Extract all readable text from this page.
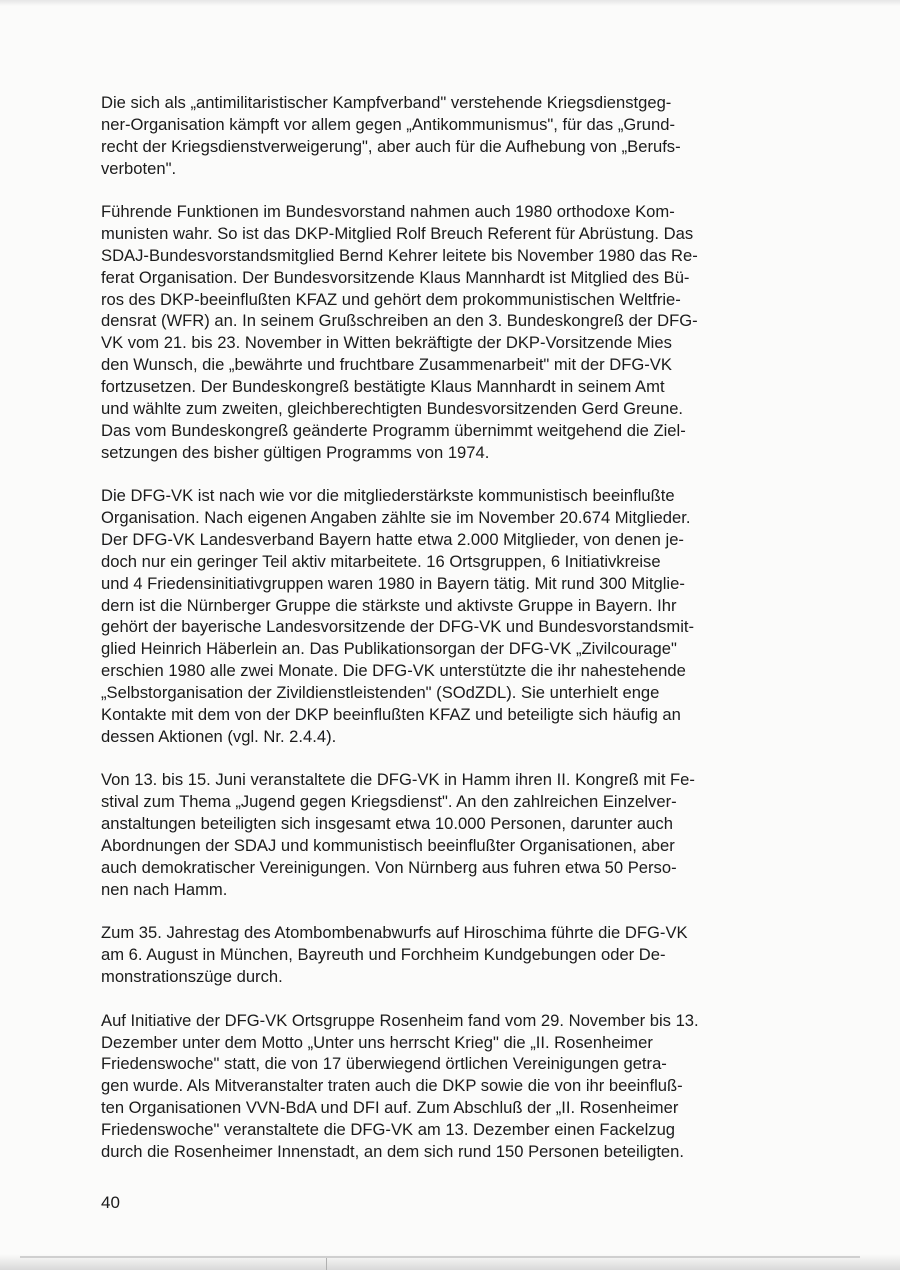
Die sich als „antimilitaristischer Kampfverband" verstehende Kriegsdienstgeg-
ner-Organisation kämpft vor allem gegen „Antikommunismus", für das „Grund-
recht der Kriegsdienstverweigerung", aber auch für die Aufhebung von „Berufs-
verboten".

Führende Funktionen im Bundesvorstand nahmen auch 1980 orthodoxe Kom-
munisten wahr. So ist das DKP-Mitglied Rolf Breuch Referent für Abrüstung. Das
SDAJ-Bundesvorstandsmitglied Bernd Kehrer leitete bis November 1980 das Re-
ferat Organisation. Der Bundesvorsitzende Klaus Mannhardt ist Mitglied des Bü-
ros des DKP-beeinflußten KFAZ und gehört dem prokommunistischen Weltfrie-
densrat (WFR) an. In seinem Grußschreiben an den 3. Bundeskongreß der DFG-
VK vom 21. bis 23. November in Witten bekräftigte der DKP-Vorsitzende Mies
den Wunsch, die „bewährte und fruchtbare Zusammenarbeit" mit der DFG-VK
fortzusetzen. Der Bundeskongreß bestätigte Klaus Mannhardt in seinem Amt
und wählte zum zweiten, gleichberechtigten Bundesvorsitzenden Gerd Greune.
Das vom Bundeskongreß geänderte Programm übernimmt weitgehend die Ziel-
setzungen des bisher gültigen Programms von 1974.

Die DFG-VK ist nach wie vor die mitgliederstärkste kommunistisch beeinflußte
Organisation. Nach eigenen Angaben zählte sie im November 20.674 Mitglieder.
Der DFG-VK Landesverband Bayern hatte etwa 2.000 Mitglieder, von denen je-
doch nur ein geringer Teil aktiv mitarbeitete. 16 Ortsgruppen, 6 Initiativkreise
und 4 Friedensinitiativgruppen waren 1980 in Bayern tätig. Mit rund 300 Mitglie-
dern ist die Nürnberger Gruppe die stärkste und aktivste Gruppe in Bayern. Ihr
gehört der bayerische Landesvorsitzende der DFG-VK und Bundesvorstandsmit-
glied Heinrich Häberlein an. Das Publikationsorgan der DFG-VK „Zivilcourage"
erschien 1980 alle zwei Monate. Die DFG-VK unterstützte die ihr nahestehende
„Selbstorganisation der Zivildienstleistenden" (SOdZDL). Sie unterhielt enge
Kontakte mit dem von der DKP beeinflußten KFAZ und beteiligte sich häufig an
dessen Aktionen (vgl. Nr. 2.4.4).

Von 13. bis 15. Juni veranstaltete die DFG-VK in Hamm ihren II. Kongreß mit Fe-
stival zum Thema „Jugend gegen Kriegsdienst". An den zahlreichen Einzelver-
anstaltungen beteiligten sich insgesamt etwa 10.000 Personen, darunter auch
Abordnungen der SDAJ und kommunistisch beeinflußter Organisationen, aber
auch demokratischer Vereinigungen. Von Nürnberg aus fuhren etwa 50 Perso-
nen nach Hamm.

Zum 35. Jahrestag des Atombombenabwurfs auf Hiroschima führte die DFG-VK
am 6. August in München, Bayreuth und Forchheim Kundgebungen oder De-
monstrationszüge durch.

Auf Initiative der DFG-VK Ortsgruppe Rosenheim fand vom 29. November bis 13.
Dezember unter dem Motto „Unter uns herrscht Krieg" die „II. Rosenheimer
Friedenswoche" statt, die von 17 überwiegend örtlichen Vereinigungen getra-
gen wurde. Als Mitveranstalter traten auch die DKP sowie die von ihr beeinfluß-
ten Organisationen VVN-BdA und DFI auf. Zum Abschluß der „II. Rosenheimer
Friedenswoche" veranstaltete die DFG-VK am 13. Dezember einen Fackelzug
durch die Rosenheimer Innenstadt, an dem sich rund 150 Personen beteiligten.

40
